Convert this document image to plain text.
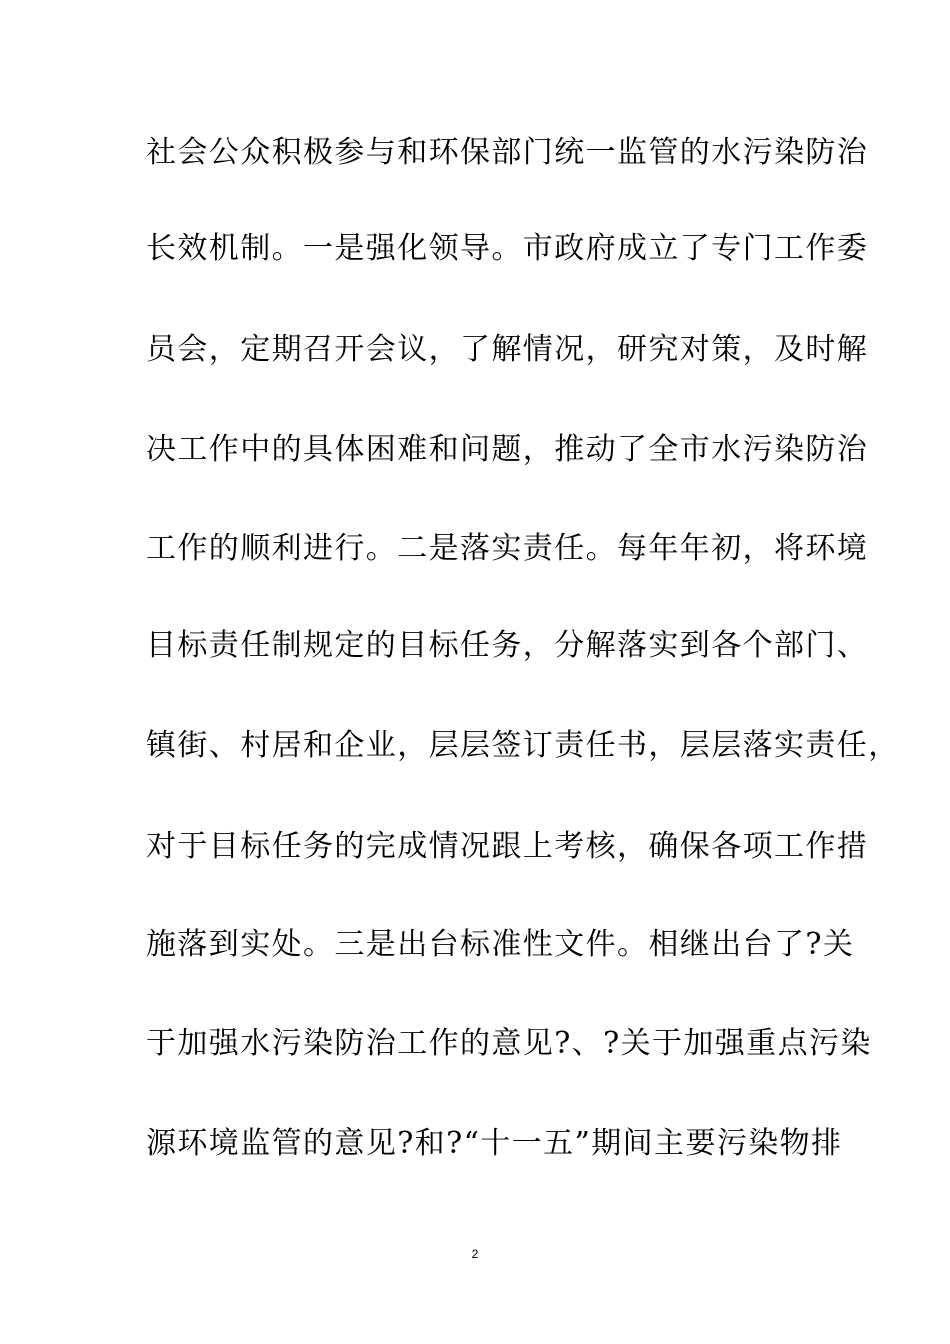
社会公众积极参与和环保部门统一监管的水污染防治
长效机制。一是强化领导。市政府成立了专门工作委
员会，定期召开会议，了解情况，研究对策，及时解
决工作中的具体困难和问题，推动了全市水污染防治
工作的顺利进行。二是落实责任。每年年初，将环境
目标责任制规定的目标任务，分解落实到各个部门、
镇街、村居和企业，层层签订责任书，层层落实责任，
对于目标任务的完成情况跟上考核，确保各项工作措
施落到实处。三是出台标准性文件。相继出台了?关
于加强水污染防治工作的意见?、?关于加强重点污染
源环境监管的意见?和?“十一五”期间主要污染物排
2
